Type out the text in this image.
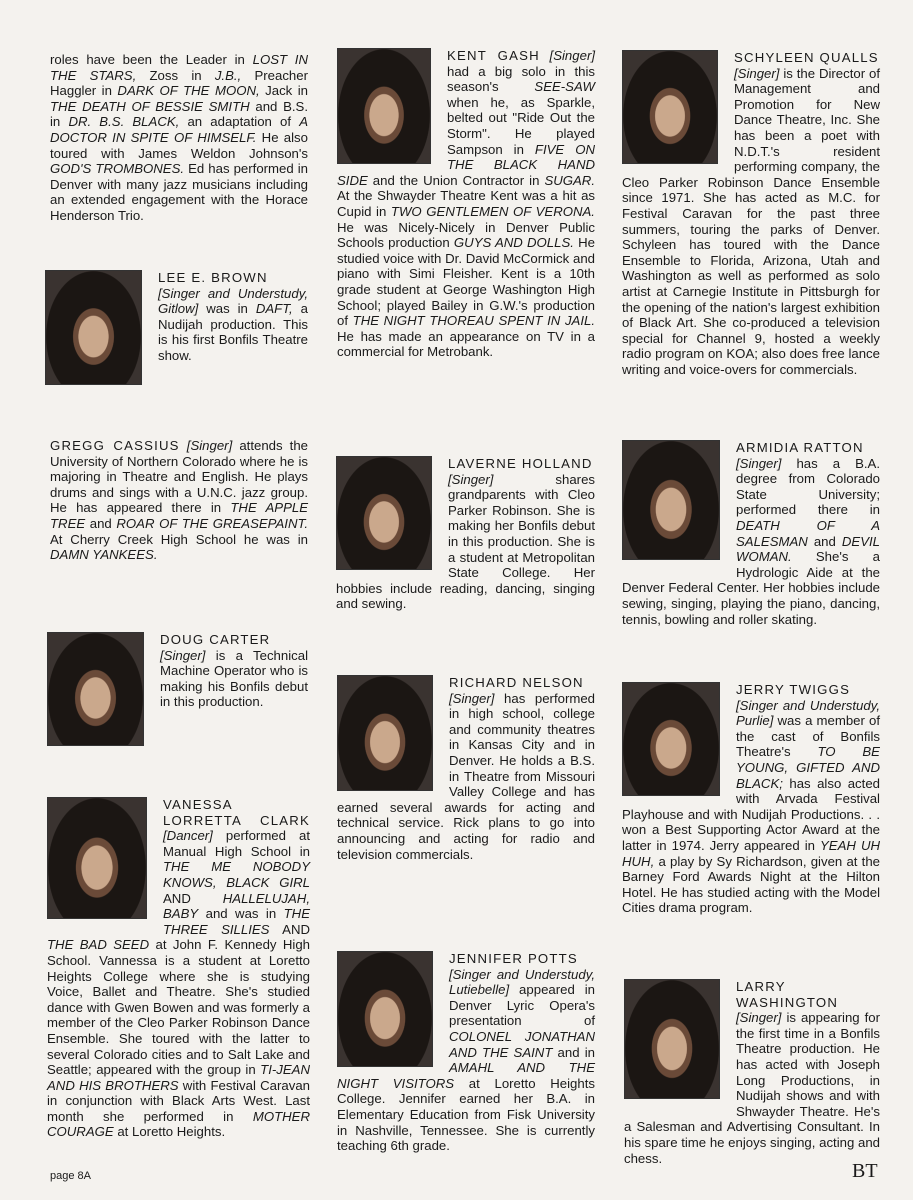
roles have been the Leader in LOST IN THE STARS, Zoss in J.B., Preacher Haggler in DARK OF THE MOON, Jack in THE DEATH OF BESSIE SMITH and B.S. in DR. B.S. BLACK, an adaptation of A DOCTOR IN SPITE OF HIMSELF. He also toured with James Weldon Johnson's GOD'S TROMBONES. Ed has performed in Denver with many jazz musicians including an extended engagement with the Horace Henderson Trio.
LEE E. BROWN
[Singer and Understudy, Gitlow] was in DAFT, a Nudijah production. This is his first Bonfils Theatre show.
GREGG CASSIUS [Singer] attends the University of Northern Colorado where he is majoring in Theatre and English. He plays drums and sings with a U.N.C. jazz group. He has appeared there in THE APPLE TREE and ROAR OF THE GREASEPAINT. At Cherry Creek High School he was in DAMN YANKEES.
DOUG CARTER
[Singer] is a Technical Machine Operator who is making his Bonfils debut in this production.
VANESSA LORRETTA CLARK [Dancer] performed at Manual High School in THE ME NOBODY KNOWS, BLACK GIRL AND HALLELUJAH, BABY and was in THE THREE SILLIES AND THE BAD SEED at John F. Kennedy High School. Vannessa is a student at Loretto Heights College where she is studying Voice, Ballet and Theatre. She's studied dance with Gwen Bowen and was formerly a member of the Cleo Parker Robinson Dance Ensemble. She toured with the latter to several Colorado cities and to Salt Lake and Seattle; appeared with the group in TI-JEAN AND HIS BROTHERS with Festival Caravan in conjunction with Black Arts West. Last month she performed in MOTHER COURAGE at Loretto Heights.
KENT GASH [Singer] had a big solo in this season's SEE-SAW when he, as Sparkle, belted out "Ride Out the Storm". He played Sampson in FIVE ON THE BLACK HAND SIDE and the Union Contractor in SUGAR. At the Shwayder Theatre Kent was a hit as Cupid in TWO GENTLEMEN OF VERONA. He was Nicely-Nicely in Denver Public Schools production GUYS AND DOLLS. He studied voice with Dr. David McCormick and piano with Simi Fleisher. Kent is a 10th grade student at George Washington High School; played Bailey in G.W.'s production of THE NIGHT THOREAU SPENT IN JAIL. He has made an appearance on TV in a commercial for Metrobank.
LAVERNE HOLLAND
[Singer] shares grandparents with Cleo Parker Robinson. She is making her Bonfils debut in this production. She is a student at Metropolitan State College. Her hobbies include reading, dancing, singing and sewing.
RICHARD NELSON
[Singer] has performed in high school, college and community theatres in Kansas City and in Denver. He holds a B.S. in Theatre from Missouri Valley College and has earned several awards for acting and technical service. Rick plans to go into announcing and acting for radio and television commercials.
JENNIFER POTTS
[Singer and Understudy, Lutiebelle] appeared in Denver Lyric Opera's presentation of COLONEL JONATHAN AND THE SAINT and in AMAHL AND THE NIGHT VISITORS at Loretto Heights College. Jennifer earned her B.A. in Elementary Education from Fisk University in Nashville, Tennessee. She is currently teaching 6th grade.
SCHYLEEN QUALLS
[Singer] is the Director of Management and Promotion for New Dance Theatre, Inc. She has been a poet with N.D.T.'s resident performing company, the Cleo Parker Robinson Dance Ensemble since 1971. She has acted as M.C. for Festival Caravan for the past three summers, touring the parks of Denver. Schyleen has toured with the Dance Ensemble to Florida, Arizona, Utah and Washington as well as performed as solo artist at Carnegie Institute in Pittsburgh for the opening of the nation's largest exhibition of Black Art. She co-produced a television special for Channel 9, hosted a weekly radio program on KOA; also does free lance writing and voice-overs for commercials.
ARMIDIA RATTON
[Singer] has a B.A. degree from Colorado State University; performed there in DEATH OF A SALESMAN and DEVIL WOMAN. She's a Hydrologic Aide at the Denver Federal Center. Her hobbies include sewing, singing, playing the piano, dancing, tennis, bowling and roller skating.
JERRY TWIGGS
[Singer and Understudy, Purlie] was a member of the cast of Bonfils Theatre's TO BE YOUNG, GIFTED AND BLACK; has also acted with Arvada Festival Playhouse and with Nudijah Productions. . . won a Best Supporting Actor Award at the latter in 1974. Jerry appeared in YEAH UH HUH, a play by Sy Richardson, given at the Barney Ford Awards Night at the Hilton Hotel. He has studied acting with the Model Cities drama program.
LARRY WASHINGTON [Singer] is appearing for the first time in a Bonfils Theatre production. He has acted with Joseph Long Productions, in Nudijah shows and with Shwayder Theatre. He's a Salesman and Advertising Consultant. In his spare time he enjoys singing, acting and chess.
page 8A	BT
